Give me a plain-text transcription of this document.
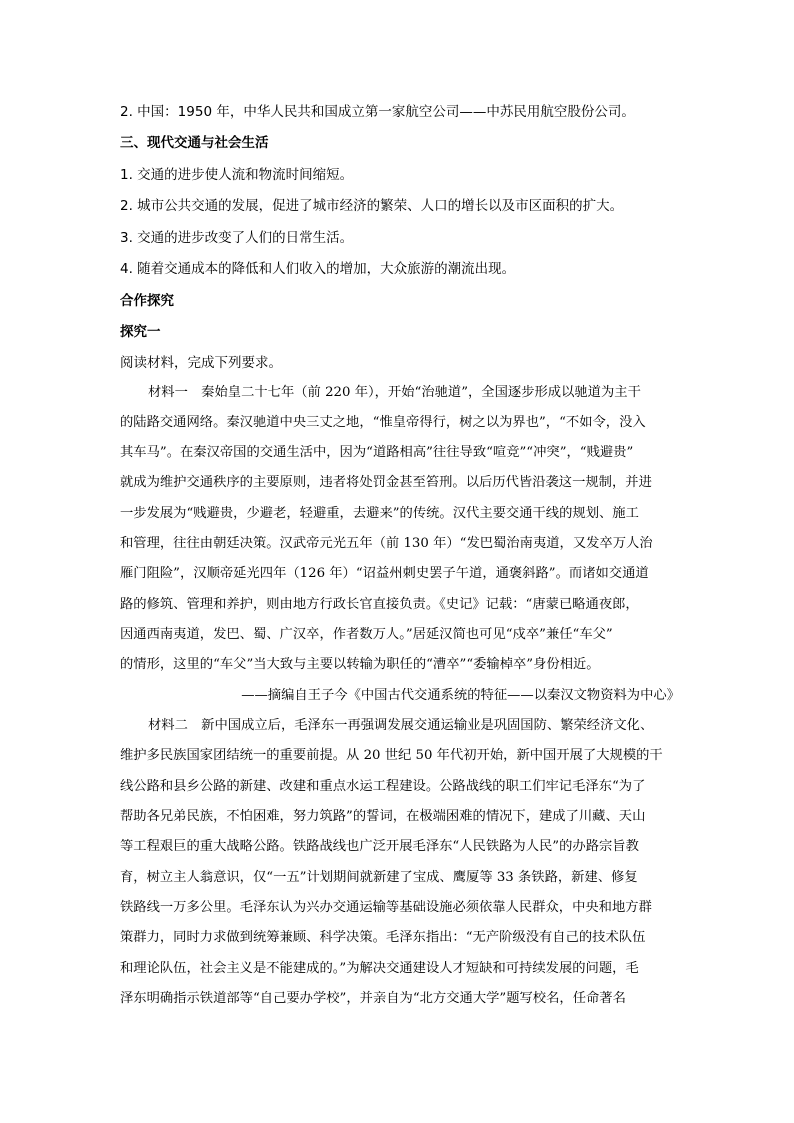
2. 中国：1950 年，中华人民共和国成立第一家航空公司——中苏民用航空股份公司。
三、现代交通与社会生活
1. 交通的进步使人流和物流时间缩短。
2. 城市公共交通的发展，促进了城市经济的繁荣、人口的增长以及市区面积的扩大。
3. 交通的进步改变了人们的日常生活。
4. 随着交通成本的降低和人们收入的增加，大众旅游的潮流出现。
合作探究
探究一
阅读材料，完成下列要求。
材料一　秦始皇二十七年（前 220 年），开始“治驰道”，全国逐步形成以驰道为主干
的陆路交通网络。秦汉驰道中央三丈之地，“惟皇帝得行，树之以为界也”，“不如令，没入
其车马”。在秦汉帝国的交通生活中，因为“道路相高”往往导致“喧竞”“冲突”，“贱避贵”
就成为维护交通秩序的主要原则，违者将处罚金甚至笞刑。以后历代皆沿袭这一规制，并进
一步发展为“贱避贵，少避老，轻避重，去避来”的传统。汉代主要交通干线的规划、施工
和管理，往往由朝廷决策。汉武帝元光五年（前 130 年）“发巴蜀治南夷道，又发卒万人治
雁门阻险”，汉顺帝延光四年（126 年）“诏益州刺史罢子午道，通褒斜路”。而诸如交通道
路的修筑、管理和养护，则由地方行政长官直接负责。《史记》记载：“唐蒙已略通夜郎，
因通西南夷道，发巴、蜀、广汉卒，作者数万人。”居延汉简也可见“戍卒”兼任“车父”
的情形，这里的“车父”当大致与主要以转输为职任的“漕卒”“委输棹卒”身份相近。
——摘编自王子今《中国古代交通系统的特征——以秦汉文物资料为中心》
材料二　新中国成立后，毛泽东一再强调发展交通运输业是巩固国防、繁荣经济文化、
维护多民族国家团结统一的重要前提。从 20 世纪 50 年代初开始，新中国开展了大规模的干
线公路和县乡公路的新建、改建和重点水运工程建设。公路战线的职工们牢记毛泽东“为了
帮助各兄弟民族，不怕困难，努力筑路”的誓词，在极端困难的情况下，建成了川藏、天山
等工程艰巨的重大战略公路。铁路战线也广泛开展毛泽东“人民铁路为人民”的办路宗旨教
育，树立主人翁意识，仅“一五”计划期间就新建了宝成、鹰厦等 33 条铁路，新建、修复
铁路线一万多公里。毛泽东认为兴办交通运输等基础设施必须依靠人民群众，中央和地方群
策群力，同时力求做到统筹兼顾、科学决策。毛泽东指出：“无产阶级没有自己的技术队伍
和理论队伍，社会主义是不能建成的。”为解决交通建设人才短缺和可持续发展的问题，毛
泽东明确指示铁道部等“自己要办学校”，并亲自为“北方交通大学”题写校名，任命著名
